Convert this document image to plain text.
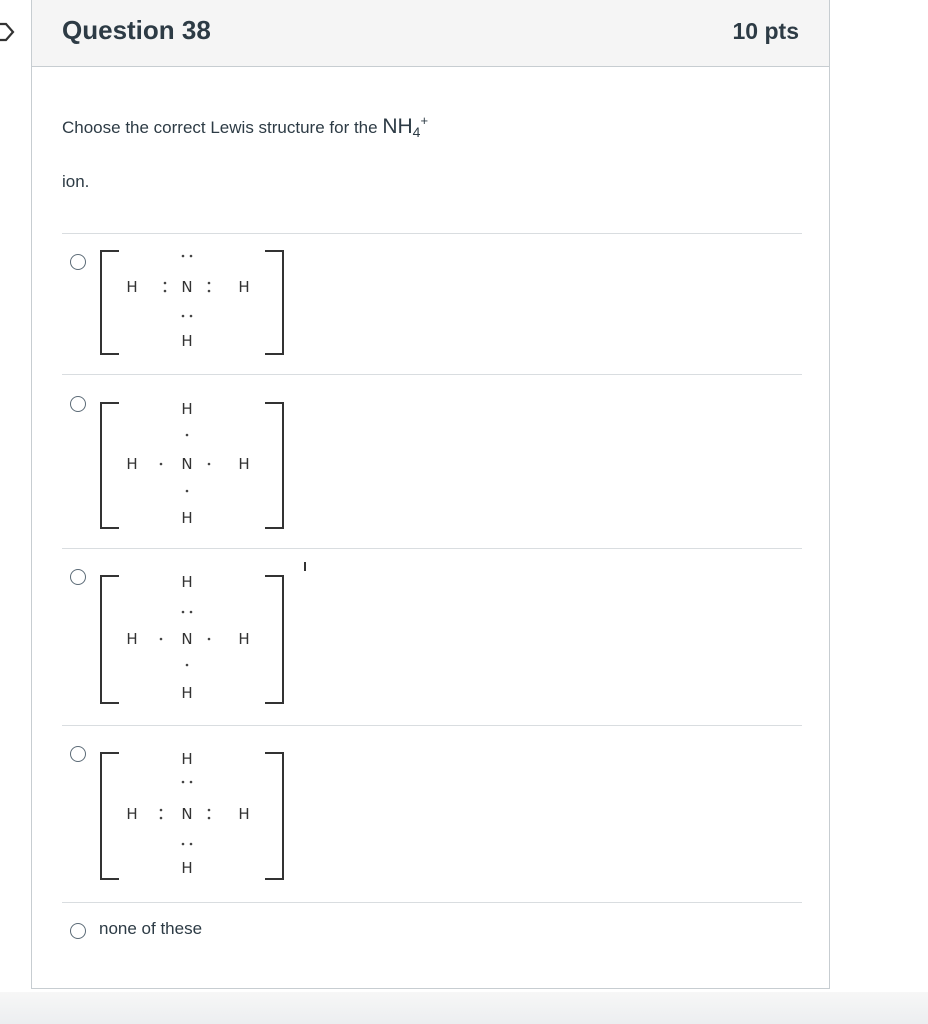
Question 38	10 pts
Choose the correct Lewis structure for the $NH_4^+$
ion.
H	N	H
H
H
H	N	H
H
H
H	N	H
H
H
H	N	H
H
none of these
